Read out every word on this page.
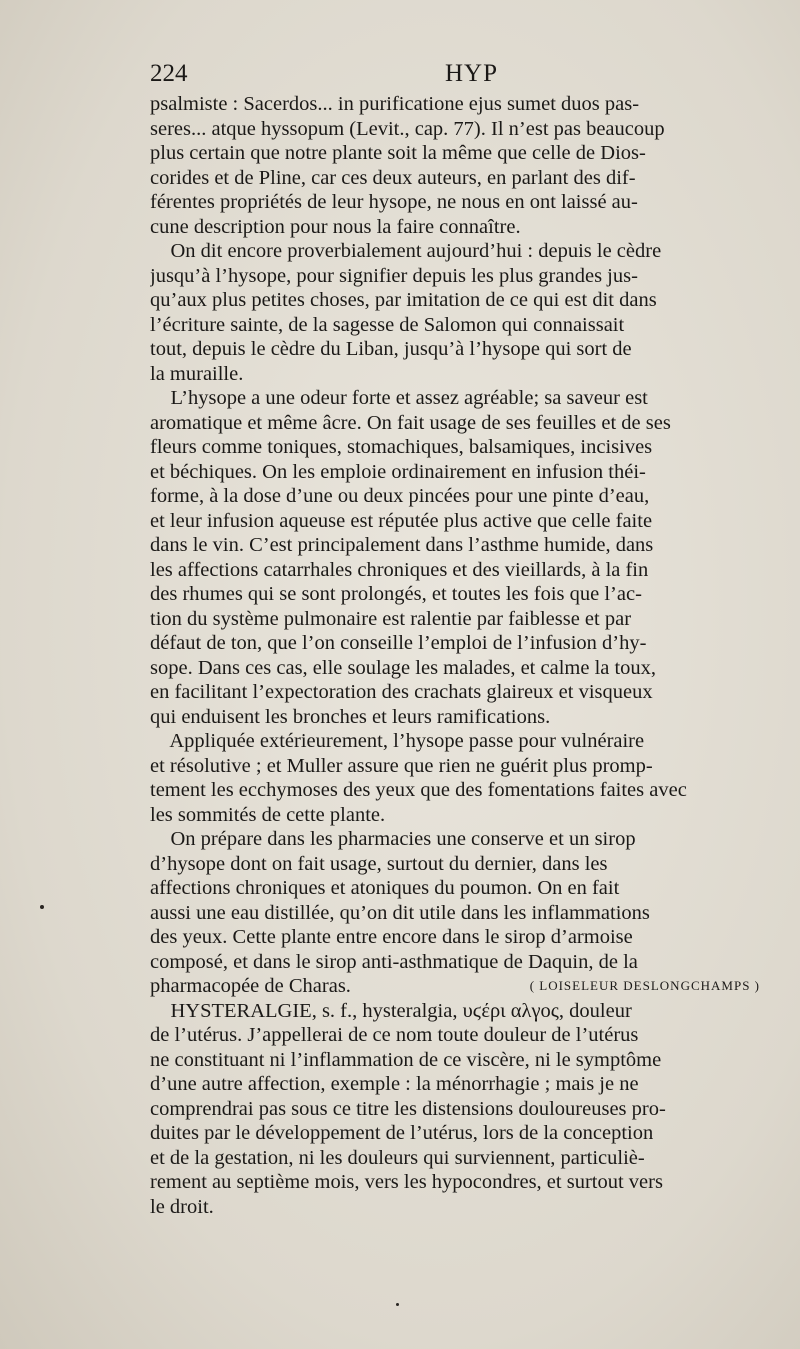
224	HYP
psalmiste : Sacerdos... in purificatione ejus sumet duos pas-
seres... atque hyssopum (Levit., cap. 77). Il n’est pas beaucoup
plus certain que notre plante soit la même que celle de Dios-
corides et de Pline, car ces deux auteurs, en parlant des dif-
férentes propriétés de leur hysope, ne nous en ont laissé au-
cune description pour nous la faire connaître.
On dit encore proverbialement aujourd’hui : depuis le cèdre
jusqu’à l’hysope, pour signifier depuis les plus grandes jus-
qu’aux plus petites choses, par imitation de ce qui est dit dans
l’écriture sainte, de la sagesse de Salomon qui connaissait
tout, depuis le cèdre du Liban, jusqu’à l’hysope qui sort de
la muraille.
L’hysope a une odeur forte et assez agréable; sa saveur est
aromatique et même âcre. On fait usage de ses feuilles et de ses
fleurs comme toniques, stomachiques, balsamiques, incisives
et béchiques. On les emploie ordinairement en infusion théi-
forme, à la dose d’une ou deux pincées pour une pinte d’eau,
et leur infusion aqueuse est réputée plus active que celle faite
dans le vin. C’est principalement dans l’asthme humide, dans
les affections catarrhales chroniques et des vieillards, à la fin
des rhumes qui se sont prolongés, et toutes les fois que l’ac-
tion du système pulmonaire est ralentie par faiblesse et par
défaut de ton, que l’on conseille l’emploi de l’infusion d’hy-
sope. Dans ces cas, elle soulage les malades, et calme la toux,
en facilitant l’expectoration des crachats glaireux et visqueux
qui enduisent les bronches et leurs ramifications.
Appliquée extérieurement, l’hysope passe pour vulnéraire
et résolutive ; et Muller assure que rien ne guérit plus promp-
tement les ecchymoses des yeux que des fomentations faites avec
les sommités de cette plante.
On prépare dans les pharmacies une conserve et un sirop
d’hysope dont on fait usage, surtout du dernier, dans les
affections chroniques et atoniques du poumon. On en fait
aussi une eau distillée, qu’on dit utile dans les inflammations
des yeux. Cette plante entre encore dans le sirop d’armoise
composé, et dans le sirop anti-asthmatique de Daquin, de la
pharmacopée de Charas.	( LOISELEUR DESLONGCHAMPS )
HYSTERALGIE, s. f., hysteralgia, υϛέρι αλγος, douleur
de l’utérus. J’appellerai de ce nom toute douleur de l’utérus
ne constituant ni l’inflammation de ce viscère, ni le symptôme
d’une autre affection, exemple : la ménorrhagie ; mais je ne
comprendrai pas sous ce titre les distensions douloureuses pro-
duites par le développement de l’utérus, lors de la conception
et de la gestation, ni les douleurs qui surviennent, particuliè-
rement au septième mois, vers les hypocondres, et surtout vers
le droit.
